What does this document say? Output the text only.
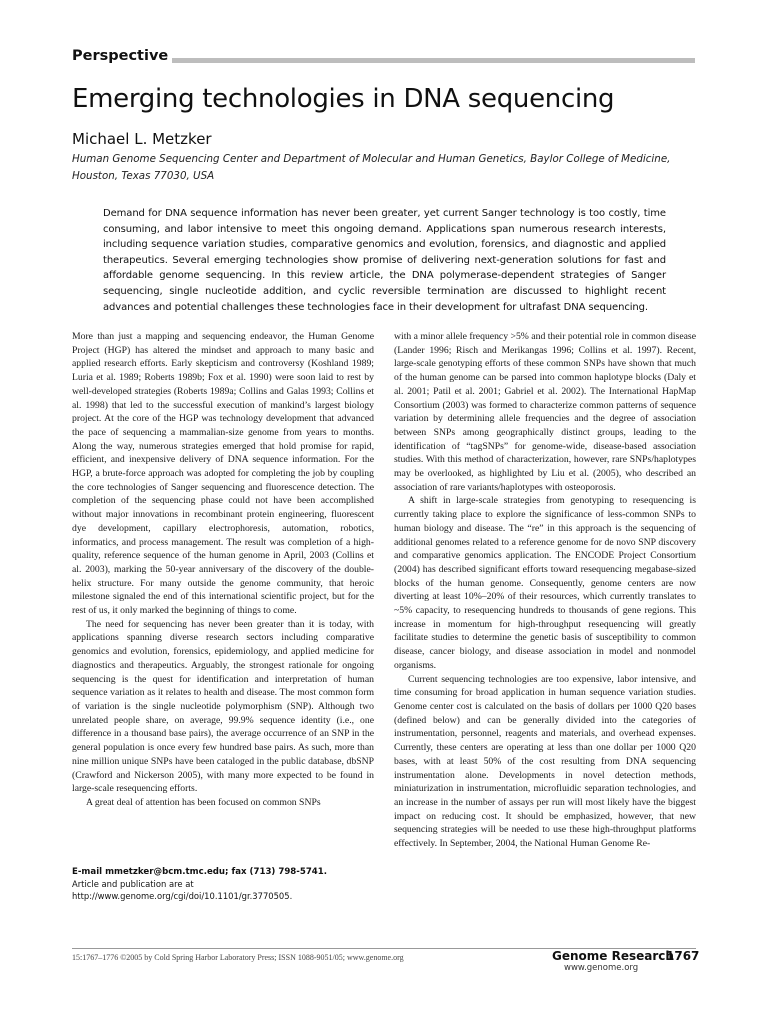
Perspective
Emerging technologies in DNA sequencing
Michael L. Metzker
Human Genome Sequencing Center and Department of Molecular and Human Genetics, Baylor College of Medicine, Houston, Texas 77030, USA
Demand for DNA sequence information has never been greater, yet current Sanger technology is too costly, time consuming, and labor intensive to meet this ongoing demand. Applications span numerous research interests, including sequence variation studies, comparative genomics and evolution, forensics, and diagnostic and applied therapeutics. Several emerging technologies show promise of delivering next-generation solutions for fast and affordable genome sequencing. In this review article, the DNA polymerase-dependent strategies of Sanger sequencing, single nucleotide addition, and cyclic reversible termination are discussed to highlight recent advances and potential challenges these technologies face in their development for ultrafast DNA sequencing.

More than just a mapping and sequencing endeavor, the Human Genome Project (HGP) has altered the mindset and approach to many basic and applied research efforts. Early skepticism and controversy (Koshland 1989; Luria et al. 1989; Roberts 1989b; Fox et al. 1990) were soon laid to rest by well-developed strategies (Roberts 1989a; Collins and Galas 1993; Collins et al. 1998) that led to the successful execution of mankind’s largest biology project. At the core of the HGP was technology development that advanced the pace of sequencing a mammalian-size genome from years to months. Along the way, numerous strategies emerged that hold promise for rapid, efficient, and inexpensive delivery of DNA sequence information. For the HGP, a brute-force approach was adopted for completing the job by coupling the core technologies of Sanger sequencing and fluorescence detection. The completion of the sequencing phase could not have been accomplished without major innovations in recombinant protein engineering, fluorescent dye development, capillary electrophoresis, automation, robotics, informatics, and process management. The result was completion of a high-quality, reference sequence of the human genome in April, 2003 (Collins et al. 2003), marking the 50-year anniversary of the discovery of the double-helix structure. For many outside the genome community, that heroic milestone signaled the end of this international scientific project, but for the rest of us, it only marked the beginning of things to come.

The need for sequencing has never been greater than it is today, with applications spanning diverse research sectors including comparative genomics and evolution, forensics, epidemiology, and applied medicine for diagnostics and therapeutics. Arguably, the strongest rationale for ongoing sequencing is the quest for identification and interpretation of human sequence variation as it relates to health and disease. The most common form of variation is the single nucleotide polymorphism (SNP). Although two unrelated people share, on average, 99.9% sequence identity (i.e., one difference in a thousand base pairs), the average occurrence of an SNP in the general population is once every few hundred base pairs. As such, more than nine million unique SNPs have been cataloged in the public database, dbSNP (Crawford and Nickerson 2005), with many more expected to be found in large-scale resequencing efforts.

A great deal of attention has been focused on common SNPs

with a minor allele frequency >5% and their potential role in common disease (Lander 1996; Risch and Merikangas 1996; Collins et al. 1997). Recent, large-scale genotyping efforts of these common SNPs have shown that much of the human genome can be parsed into common haplotype blocks (Daly et al. 2001; Patil et al. 2001; Gabriel et al. 2002). The International HapMap Consortium (2003) was formed to characterize common patterns of sequence variation by determining allele frequencies and the degree of association between SNPs among geographically distinct groups, leading to the identification of “tagSNPs” for genome-wide, disease-based association studies. With this method of characterization, however, rare SNPs/haplotypes may be overlooked, as highlighted by Liu et al. (2005), who described an association of rare variants/haplotypes with osteoporosis.

A shift in large-scale strategies from genotyping to resequencing is currently taking place to explore the significance of less-common SNPs to human biology and disease. The “re” in this approach is the sequencing of additional genomes related to a reference genome for de novo SNP discovery and comparative genomics application. The ENCODE Project Consortium (2004) has described significant efforts toward resequencing megabase-sized blocks of the human genome. Consequently, genome centers are now diverting at least 10%–20% of their resources, which currently translates to ~5% capacity, to resequencing hundreds to thousands of gene regions. This increase in momentum for high-throughput resequencing will greatly facilitate studies to determine the genetic basis of susceptibility to common disease, cancer biology, and disease association in model and nonmodel organisms.

Current sequencing technologies are too expensive, labor intensive, and time consuming for broad application in human sequence variation studies. Genome center cost is calculated on the basis of dollars per 1000 Q20 bases (defined below) and can be generally divided into the categories of instrumentation, personnel, reagents and materials, and overhead expenses. Currently, these centers are operating at less than one dollar per 1000 Q20 bases, with at least 50% of the cost resulting from DNA sequencing instrumentation alone. Developments in novel detection methods, miniaturization in instrumentation, microfluidic separation technologies, and an increase in the number of assays per run will most likely have the biggest impact on reducing cost. It should be emphasized, however, that new sequencing strategies will be needed to use these high-throughput platforms effectively. In September, 2004, the National Human Genome Re-

E-mail mmetzker@bcm.tmc.edu; fax (713) 798-5741.
Article and publication are at http://www.genome.org/cgi/doi/10.1101/gr.3770505.
15:1767–1776 ©2005 by Cold Spring Harbor Laboratory Press; ISSN 1088-9051/05; www.genome.org	Genome Research
1767
www.genome.org
